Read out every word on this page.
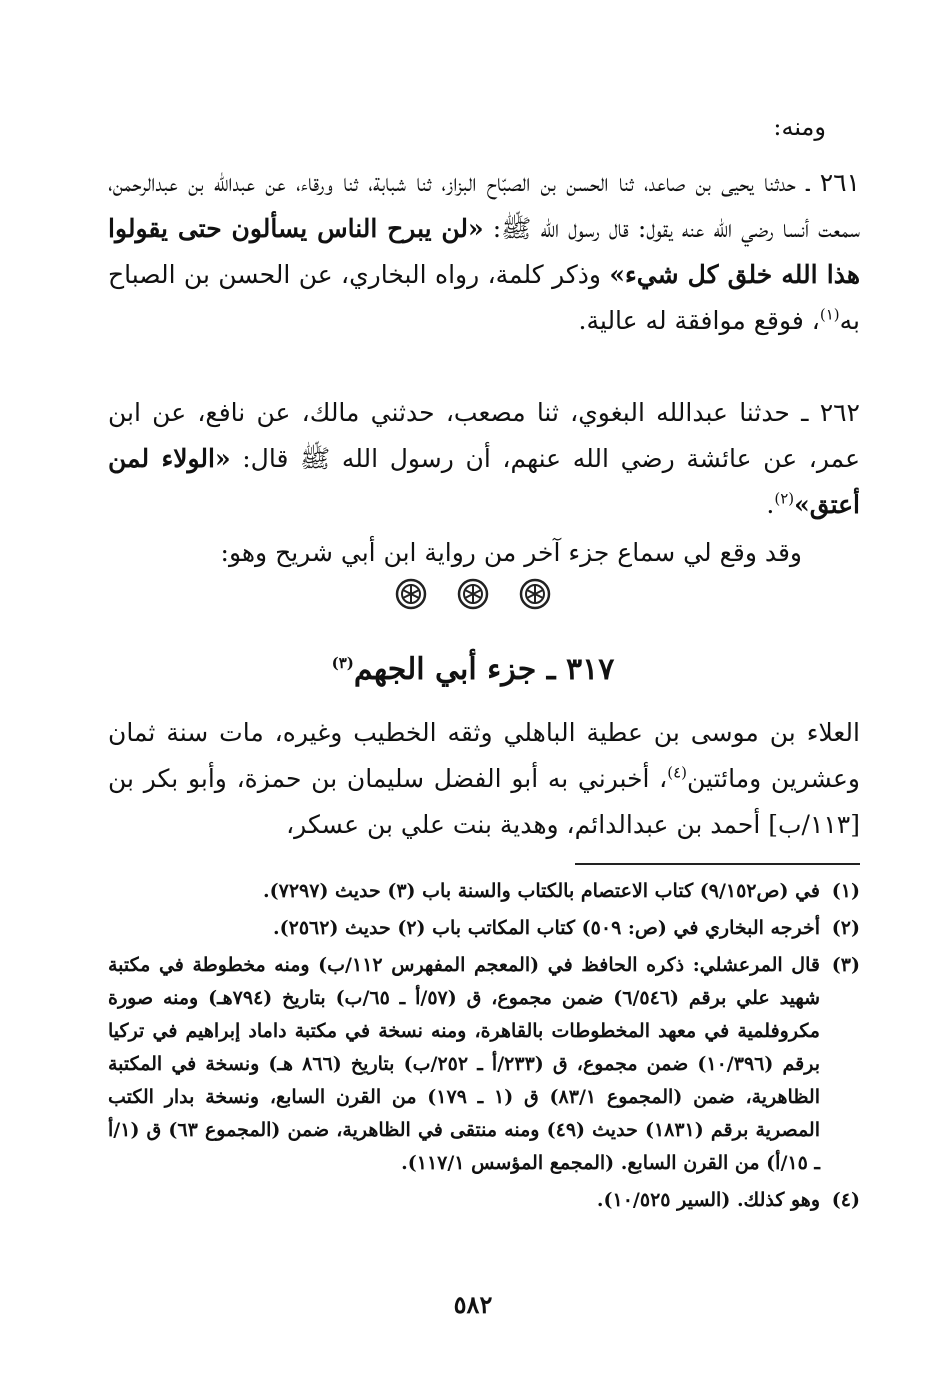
ومنه:
٢٦١ ـ حدثنا يحيى بن صاعد، ثنا الحسن بن الصبّاح البزاز، ثنا شبابة، ثنا ورقاء، عن عبدالله بن عبدالرحمن، سمعت أنسا رضي الله عنه يقول: قال رسول الله ﷺ: «لن يبرح الناس يسألون حتى يقولوا هذا الله خلق كل شيء» وذكر كلمة، رواه البخاري، عن الحسن بن الصباح به$^{(١)}$، فوقع موافقة له عالية.
٢٦٢ ـ حدثنا عبدالله البغوي، ثنا مصعب، حدثني مالك، عن نافع، عن ابن عمر، عن عائشة رضي الله عنهم، أن رسول الله ﷺ قال: «الولاء لمن أعتق»$^{(٢)}$.
وقد وقع لي سماع جزء آخر من رواية ابن أبي شريح وهو:
٣١٧ ـ جزء أبي الجهم$^{(٣)}$
العلاء بن موسى بن عطية الباهلي وثقه الخطيب وغيره، مات سنة ثمان وعشرين ومائتين$^{(٤)}$، أخبرني به أبو الفضل سليمان بن حمزة، وأبو بكر بن [١١٣/ب] أحمد بن عبدالدائم، وهدية بنت علي بن عسكر،
(١)
في (ص٩/١٥٢) كتاب الاعتصام بالكتاب والسنة باب (٣) حديث (٧٢٩٧).
(٢)
أخرجه البخاري في (ص: ٥٠٩) كتاب المكاتب باب (٢) حديث (٢٥٦٢).
(٣)
قال المرعشلي: ذكره الحافظ في (المعجم المفهرس ١١٢/ب) ومنه مخطوطة في مكتبة شهيد علي برقم (٦/٥٤٦) ضمن مجموع، ق (٥٧/أ ـ ٦٥/ب) بتاريخ (٧٩٤هـ) ومنه صورة مكروفلمية في معهد المخطوطات بالقاهرة، ومنه نسخة في مكتبة داماد إبراهيم في تركيا برقم (١٠/٣٩٦) ضمن مجموع، ق (٢٣٣/أ ـ ٢٥٢/ب) بتاريخ (٨٦٦ هـ) ونسخة في المكتبة الظاهرية، ضمن (المجموع ٨٣/١) ق (١ ـ ١٧٩) من القرن السابع، ونسخة بدار الكتب المصرية برقم (١٨٣١) حديث (٤٩) ومنه منتقى في الظاهرية، ضمن (المجموع ٦٣) ق (١/أ ـ ١٥/أ) من القرن السابع. (المجمع المؤسس ١١٧/١).
(٤)
وهو كذلك. (السير ١٠/٥٢٥).
٥٨٢
